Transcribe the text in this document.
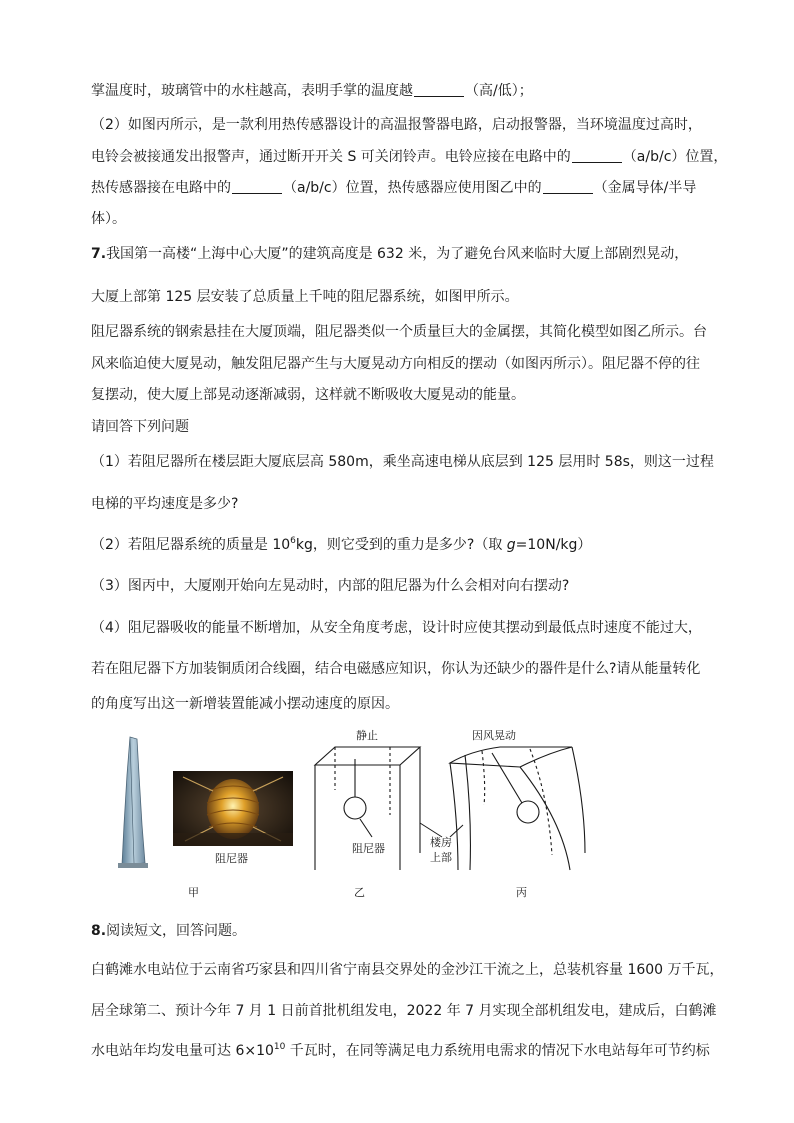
掌温度时，玻璃管中的水柱越高，表明手掌的温度越	（高/低）；
（2）如图丙所示，是一款利用热传感器设计的高温报警器电路，启动报警器，当环境温度过高时，
电铃会被接通发出报警声，通过断开开关 S 可关闭铃声。电铃应接在电路中的	（a/b/c）位置，
热传感器接在电路中的	（a/b/c）位置，热传感器应使用图乙中的	（金属导体/半导
体）。
7.我国第一高楼“上海中心大厦”的建筑高度是 632 米，为了避免台风来临时大厦上部剧烈晃动，
大厦上部第 125 层安装了总质量上千吨的阻尼器系统，如图甲所示。
阻尼器系统的钢索悬挂在大厦顶端，阻尼器类似一个质量巨大的金属摆，其简化模型如图乙所示。台
风来临迫使大厦晃动，触发阻尼器产生与大厦晃动方向相反的摆动（如图丙所示）。阻尼器不停的往
复摆动，使大厦上部晃动逐渐减弱，这样就不断吸收大厦晃动的能量。
请回答下列问题
（1）若阻尼器所在楼层距大厦底层高 580m，乘坐高速电梯从底层到 125 层用时 58s，则这一过程
电梯的平均速度是多少?
（2）若阻尼器系统的质量是 $10^6kg$，则它受到的重力是多少?（取 g=10N/kg）
（3）图丙中，大厦刚开始向左晃动时，内部的阻尼器为什么会相对向右摆动?
（4）阻尼器吸收的能量不断增加，从安全角度考虑，设计时应使其摆动到最低点时速度不能过大，
若在阻尼器下方加装铜质闭合线圈，结合电磁感应知识，你认为还缺少的器件是什么?请从能量转化
的角度写出这一新增装置能减小摆动速度的原因。
阻尼器
静止	因风晃动
阻尼器	楼房
上部
甲	乙	丙
8.阅读短文，回答问题。
白鹤滩水电站位于云南省巧家县和四川省宁南县交界处的金沙江干流之上，总装机容量 1600 万千瓦，
居全球第二、预计今年 7 月 1 日前首批机组发电，2022 年 7 月实现全部机组发电，建成后，白鹤滩
水电站年均发电量可达 $6\times 10^{10}$ 千瓦时，在同等满足电力系统用电需求的情况下水电站每年可节约标
